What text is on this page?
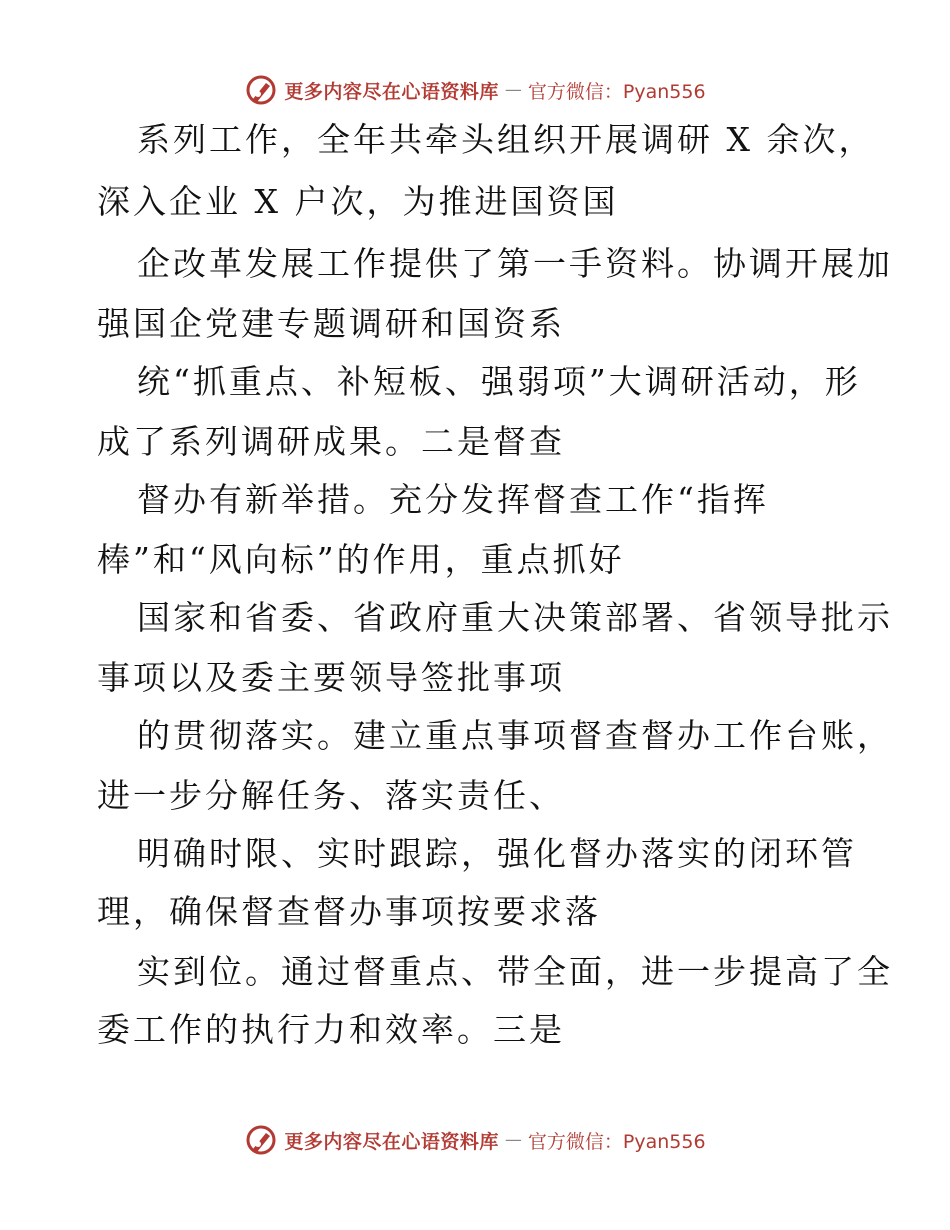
更多内容尽在心语资料库 — 官方微信：Pyan556
系列工作，全年共牵头组织开展调研 X 余次，
深入企业 X 户次，为推进国资国
企改革发展工作提供了第一手资料。协调开展加
强国企党建专题调研和国资系
统“抓重点、补短板、强弱项”大调研活动，形
成了系列调研成果。二是督查
督办有新举措。充分发挥督查工作“指挥
棒”和“风向标”的作用，重点抓好
国家和省委、省政府重大决策部署、省领导批示
事项以及委主要领导签批事项
的贯彻落实。建立重点事项督查督办工作台账，
进一步分解任务、落实责任、
明确时限、实时跟踪，强化督办落实的闭环管
理，确保督查督办事项按要求落
实到位。通过督重点、带全面，进一步提高了全
委工作的执行力和效率。三是
更多内容尽在心语资料库 — 官方微信：Pyan556
